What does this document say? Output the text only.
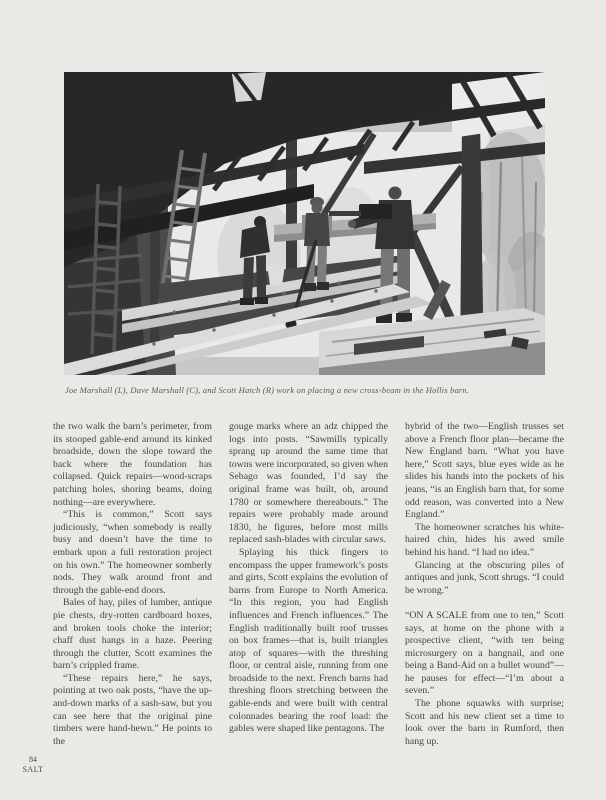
Joe Marshall (L), Dave Marshall (C), and Scott Hatch (R) work on placing a new cross-beam in the Hollis barn.

the two walk the barn’s perimeter, from its stooped gable-end around its kinked broadside, down the slope toward the back where the foundation has collapsed. Quick repairs—wood-scraps patching holes, shoring beams, doing nothing—are everywhere.

“This is common,” Scott says judiciously, “when somebody is really busy and doesn’t have the time to embark upon a full restoration project on his own.” The homeowner somberly nods. They walk around front and through the gable-end doors.

Bales of hay, piles of lumber, antique pie chests, dry-rotten cardboard boxes, and broken tools choke the interior; chaff dust hangs in a haze. Peering through the clutter, Scott examines the barn’s crippled frame.

“These repairs here,” he says, pointing at two oak posts, “have the up-and-down marks of a sash-saw, but you can see here that the original pine timbers were hand-hewn.” He points to the

gouge marks where an adz chipped the logs into posts. “Sawmills typically sprang up around the same time that towns were incorporated, so given when Sebago was founded, I’d say the original frame was built, oh, around 1780 or somewhere thereabouts.” The repairs were probably made around 1830, he figures, before most mills replaced sash-blades with circular saws.

Splaying his thick fingers to encompass the upper framework’s posts and girts, Scott explains the evolution of barns from Europe to North America. “In this region, you had English influences and French influences.” The English traditionally built roof trusses on box frames—that is, built triangles atop of squares—with the threshing floor, or central aisle, running from one broadside to the next. French barns had threshing floors stretching between the gable-ends and were built with central colonnades bearing the roof load: the gables were shaped like pentagons. The

hybrid of the two—English trusses set above a French floor plan—became the New England barn. “What you have here,” Scott says, blue eyes wide as he slides his hands into the pockets of his jeans, “is an English barn that, for some odd reason, was converted into a New England.”

The homeowner scratches his white-haired chin, hides his awed smile behind his hand. “I had no idea.”

Glancing at the obscuring piles of antiques and junk, Scott shrugs. “I could be wrong.”

“ON A SCALE from one to ten,” Scott says, at home on the phone with a prospective client, “with ten being microsurgery on a hangnail, and one being a Band-Aid on a bullet wound”—he pauses for effect—“I’m about a seven.”

The phone squawks with surprise; Scott and his new client set a time to look over the barn in Rumford, then hang up.

84
SALT
